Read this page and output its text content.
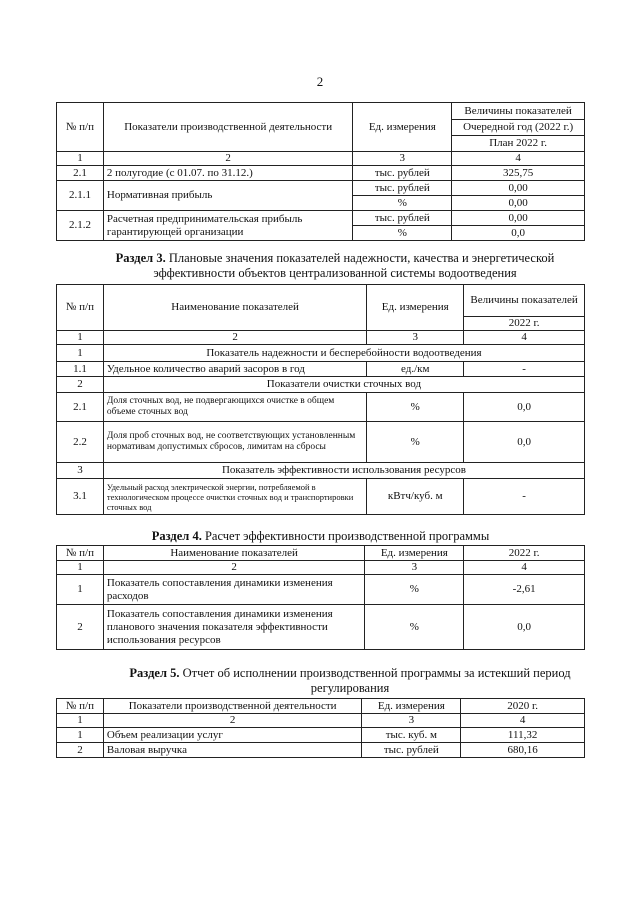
2
№ п/п	Показатели производственной деятельности	Ед. измерения	Величины показателей
			Очередной год (2022 г.)
			План 2022 г.
1	2	3	4
2.1	2 полугодие (с 01.07. по 31.12.)	тыс. рублей	325,75
2.1.1	Нормативная прибыль	тыс. рублей	0,00
		%	0,00
2.1.2	Расчетная предпринимательская прибыль гарантирующей организации	тыс. рублей	0,00
		%	0,0
Раздел 3. Плановые значения показателей надежности, качества и энергетической эффективности объектов централизованной системы водоотведения
№ п/п	Наименование показателей	Ед. измерения	Величины показателей

			2022 г.
1	2	3	4
1	Показатель надежности и бесперебойности водоотведения		
1.1	Удельное количество аварий засоров в год	ед./км	-
2	Показатели очистки сточных вод		
2.1	Доля сточных вод, не подвергающихся очистке в общем объеме сточных вод	%	0,0
2.2	Доля проб сточных вод, не соответствующих установленным нормативам допустимых сбросов, лимитам на сбросы	%	0,0
3	Показатель эффективности использования ресурсов		
3.1	Удельный расход электрической энергии, потребляемой в технологическом процессе очистки сточных вод и транспортировки сточных вод	кВтч/куб. м	-
Раздел 4. Расчет эффективности производственной программы
№ п/п	Наименование показателей	Ед. измерения	2022 г.
1	2	3	4
1	Показатель сопоставления динамики изменения расходов	%	-2,61
2	Показатель сопоставления динамики изменения планового значения показателя эффективности использования ресурсов	%	0,0
Раздел 5. Отчет об исполнении производственной программы за истекший период регулирования
№ п/п	Показатели производственной деятельности	Ед. измерения	2020 г.
1	2	3	4
1	Объем реализации услуг	тыс. куб. м	111,32
2	Валовая выручка	тыс. рублей	680,16
